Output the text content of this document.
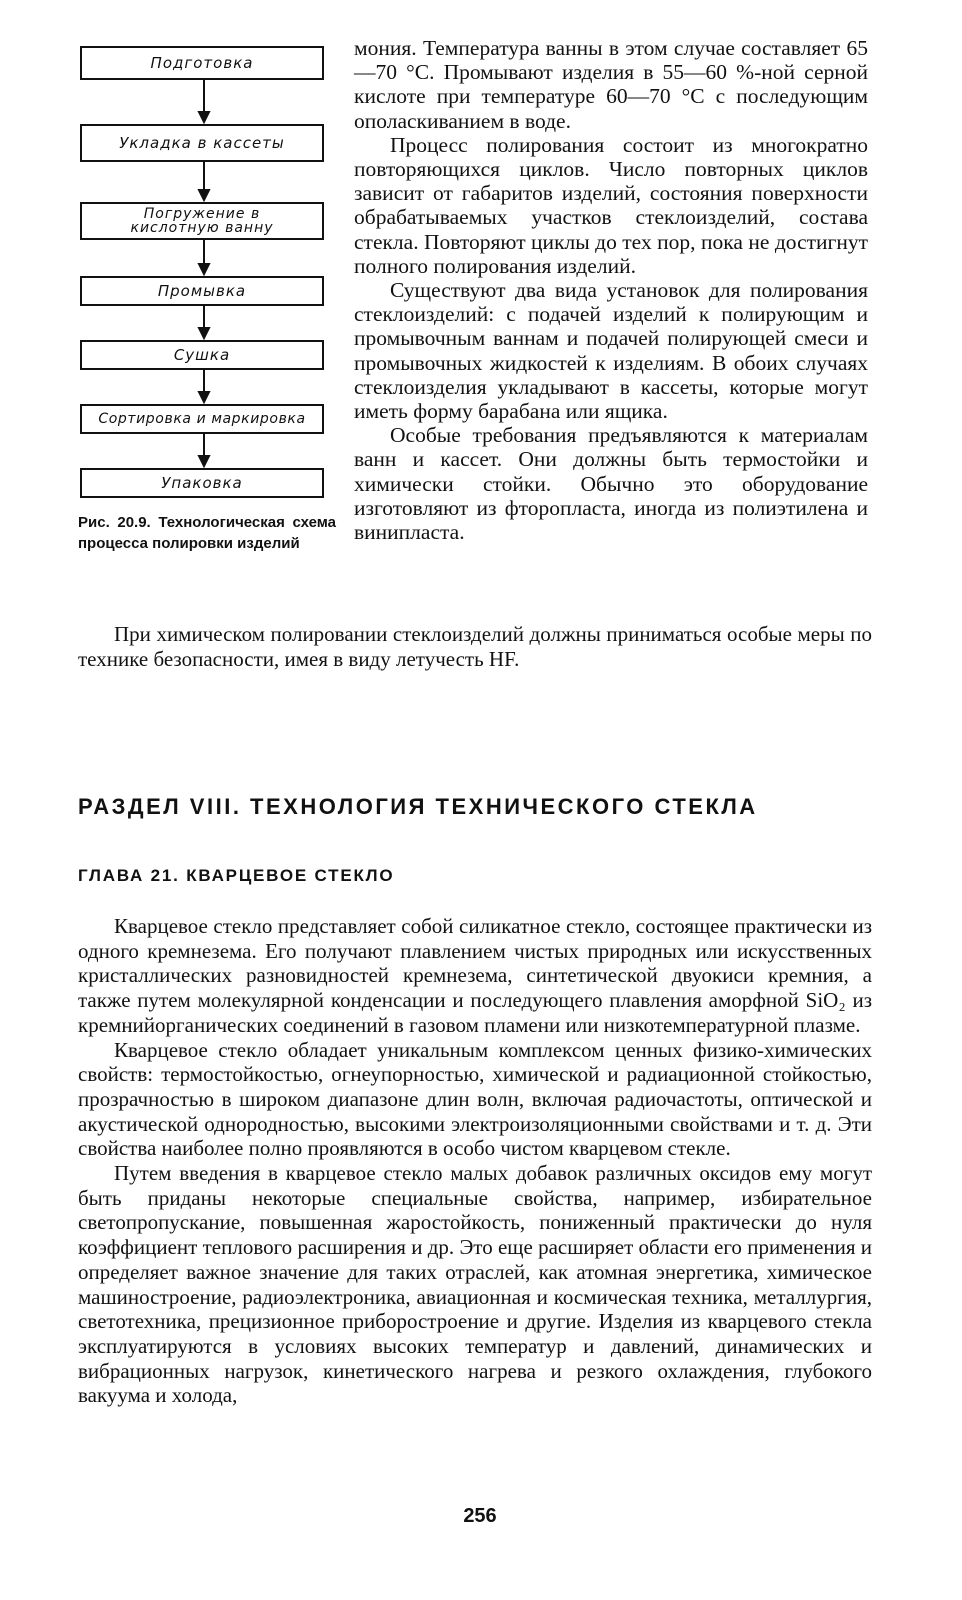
Подготовка
Укладка в кассеты
Погружение в кислотную ванну
Промывка
Сушка
Сортировка и маркировка
Упаковка
Рис. 20.9. Технологическая схема процесса полировки изделий

мония. Температура ванны в этом случае составляет 65—70 °С. Промывают изделия в 55—60 %-ной серной кислоте при температуре 60—70 °С с последующим ополаскиванием в воде.

Процесс полирования состоит из многократно повторяющихся циклов. Число повторных циклов зависит от габаритов изделий, состояния поверхности обрабатываемых участков стеклоизделий, состава стекла. Повторяют циклы до тех пор, пока не достигнут полного полирования изделий.

Существуют два вида установок для полирования стеклоизделий: с подачей изделий к полирующим и промывочным ваннам и подачей полирующей смеси и промывочных жидкостей к изделиям. В обоих случаях стеклоизделия укладывают в кассеты, которые могут иметь форму барабана или ящика.

Особые требования предъявляются к материалам ванн и кассет. Они должны быть термостойки и химически стойки. Обычно это оборудование изготовляют из фторопласта, иногда из полиэтилена и винипласта.

При химическом полировании стеклоизделий должны приниматься особые меры по технике безопасности, имея в виду летучесть HF.

РАЗДЕЛ VIII. ТЕХНОЛОГИЯ ТЕХНИЧЕСКОГО СТЕКЛА
ГЛАВА 21. КВАРЦЕВОЕ СТЕКЛО

Кварцевое стекло представляет собой силикатное стекло, состоящее практически из одного кремнезема. Его получают плавлением чистых природных или искусственных кристаллических разновидностей кремнезема, синтетической двуокиси кремния, а также путем молекулярной конденсации и последующего плавления аморфной SiO₂ из кремнийорганических соединений в газовом пламени или низкотемпературной плазме.

Кварцевое стекло обладает уникальным комплексом ценных физико-химических свойств: термостойкостью, огнеупорностью, химической и радиационной стойкостью, прозрачностью в широком диапазоне длин волн, включая радиочастоты, оптической и акустической однородностью, высокими электроизоляционными свойствами и т. д. Эти свойства наиболее полно проявляются в особо чистом кварцевом стекле.

Путем введения в кварцевое стекло малых добавок различных оксидов ему могут быть приданы некоторые специальные свойства, например, избирательное светопропускание, повышенная жаростойкость, пониженный практически до нуля коэффициент теплового расширения и др. Это еще расширяет области его применения и определяет важное значение для таких отраслей, как атомная энергетика, химическое машиностроение, радиоэлектроника, авиационная и космическая техника, металлургия, светотехника, прецизионное приборостроение и другие. Изделия из кварцевого стекла эксплуатируются в условиях высоких температур и давлений, динамических и вибрационных нагрузок, кинетического нагрева и резкого охлаждения, глубокого вакуума и холода,

256
